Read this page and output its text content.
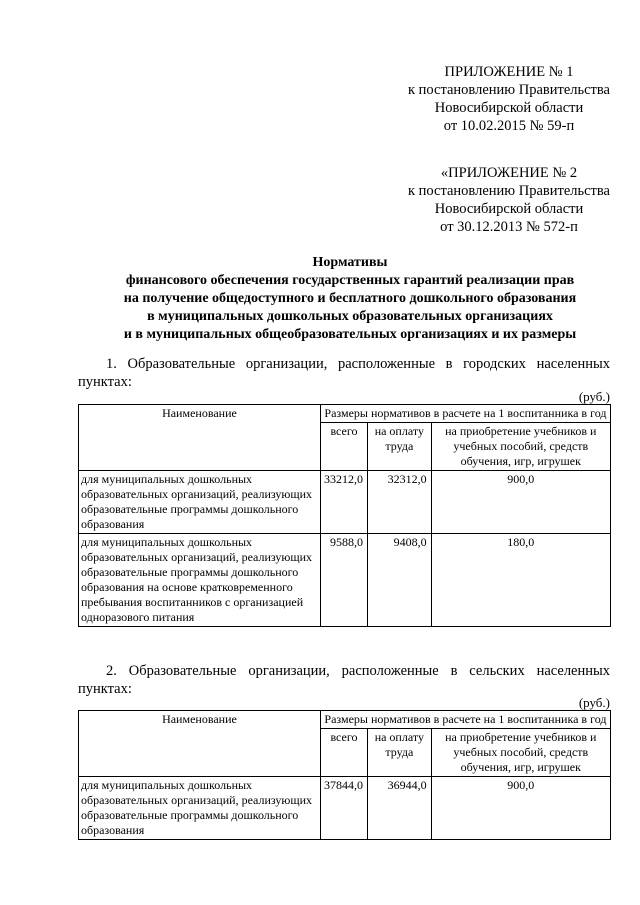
ПРИЛОЖЕНИЕ № 1
к постановлению Правительства
Новосибирской области
от 10.02.2015 № 59-п
«ПРИЛОЖЕНИЕ № 2
к постановлению Правительства
Новосибирской области
от 30.12.2013 № 572-п
Нормативы
финансового обеспечения государственных гарантий реализации прав
на получение общедоступного и бесплатного дошкольного образования
в муниципальных дошкольных образовательных организациях
и в муниципальных общеобразовательных организациях и их размеры
1. Образовательные организации, расположенные в городских населенных
пунктах:
(руб.)
Наименование	Размеры нормативов в расчете на 1 воспитанника в год		
	всего	на оплату труда	на приобретение учебников и учебных пособий, средств обучения, игр, игрушек
для муниципальных дошкольных образовательных организаций, реализующих образовательные программы дошкольного образования	33212,0	32312,0	900,0
для муниципальных дошкольных образовательных организаций, реализующих образовательные программы дошкольного образования на основе кратковременного пребывания воспитанников с организацией одноразового питания	9588,0	9408,0	180,0
2. Образовательные организации, расположенные в сельских населенных
пунктах:
(руб.)
Наименование	Размеры нормативов в расчете на 1 воспитанника в год		
	всего	на оплату труда	на приобретение учебников и учебных пособий, средств обучения, игр, игрушек
для муниципальных дошкольных образовательных организаций, реализующих образовательные программы дошкольного образования	37844,0	36944,0	900,0
